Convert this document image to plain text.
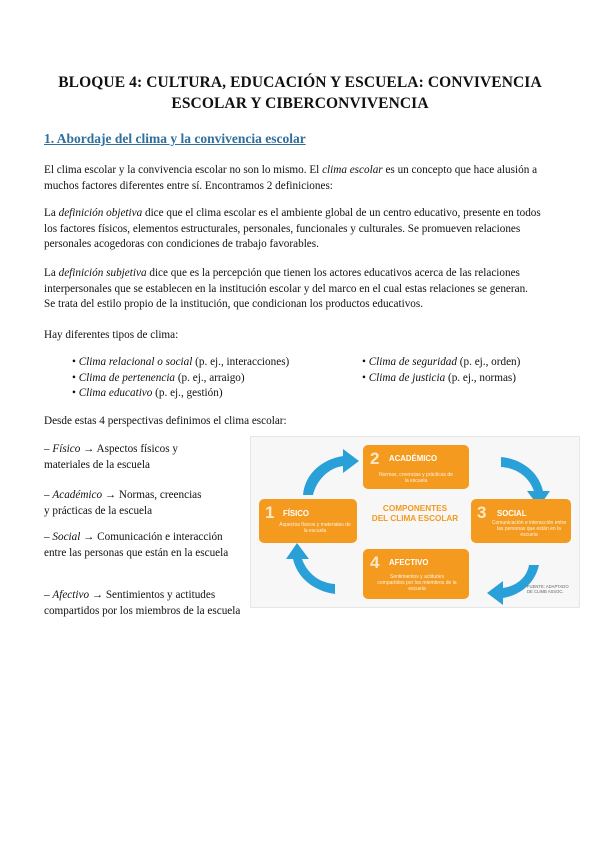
BLOQUE 4: CULTURA, EDUCACIÓN Y ESCUELA: CONVIVENCIA ESCOLAR Y CIBERCONVIVENCIA
1. Abordaje del clima y la convivencia escolar
El clima escolar y la convivencia escolar no son lo mismo. El clima escolar es un concepto que hace alusión a muchos factores diferentes entre sí. Encontramos 2 definiciones:
La definición objetiva dice que el clima escolar es el ambiente global de un centro educativo, presente en todos los factores físicos, elementos estructurales, personales, funcionales y culturales. Se promueven relaciones personales acogedoras con condiciones de trabajo favorables.
La definición subjetiva dice que es la percepción que tienen los actores educativos acerca de las relaciones interpersonales que se establecen en la institución escolar y del marco en el cual estas relaciones se generan.
Se trata del estilo propio de la institución, que condicionan los productos educativos.
Hay diferentes tipos de clima:
• Clima relacional o social (p. ej., interacciones)
• Clima de pertenencia (p. ej., arraigo)
• Clima educativo (p. ej., gestión)
• Clima de seguridad (p. ej., orden)
• Clima de justicia (p. ej., normas)
Desde estas 4 perspectivas definimos el clima escolar:
– Físico → Aspectos físicos y materiales de la escuela
– Académico → Normas, creencias y prácticas de la escuela
– Social → Comunicación e interacción entre las personas que están en la escuela
– Afectivo → Sentimientos y actitudes compartidos por los miembros de la escuela
2 ACADÉMICO
Normas, creencias y prácticas de la escuela
1 FÍSICO
Aspectos físicos y materiales de la escuela
COMPONENTES
DEL CLIMA ESCOLAR	3 SOCIAL
Comunicación e interacción entre las personas que están en la escuela
4 AFECTIVO
Sentimientos y actitudes compartidos por los miembros de la escuela	FUENTE: ADAPTADO DE CLIMB ASSOC.
